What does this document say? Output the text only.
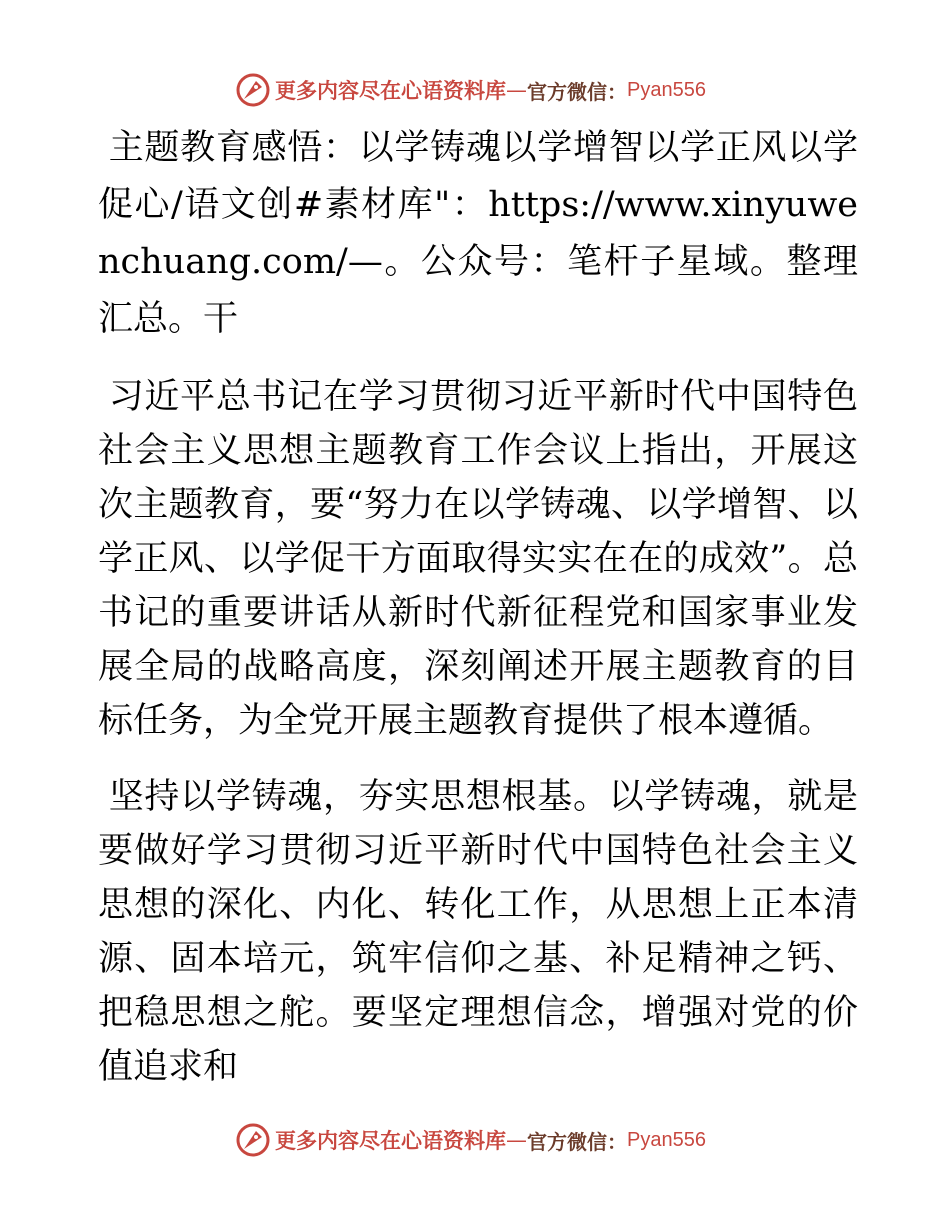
更多内容尽在心语资料库 — 官方微信： Pyan556

主题教育感悟：以学铸魂以学增智以学正风以学促心/语文创#素材库"：https://www.xinyuwenchuang.com/—。公众号：笔杆子星域。整理汇总。干

习近平总书记在学习贯彻习近平新时代中国特色社会主义思想主题教育工作会议上指出，开展这次主题教育，要“努力在以学铸魂、以学增智、以学正风、以学促干方面取得实实在在的成效”。总书记的重要讲话从新时代新征程党和国家事业发展全局的战略高度，深刻阐述开展主题教育的目标任务，为全党开展主题教育提供了根本遵循。

坚持以学铸魂，夯实思想根基。以学铸魂，就是要做好学习贯彻习近平新时代中国特色社会主义思想的深化、内化、转化工作，从思想上正本清源、固本培元，筑牢信仰之基、补足精神之钙、把稳思想之舵。要坚定理想信念，增强对党的价值追求和

更多内容尽在心语资料库 — 官方微信： Pyan556
